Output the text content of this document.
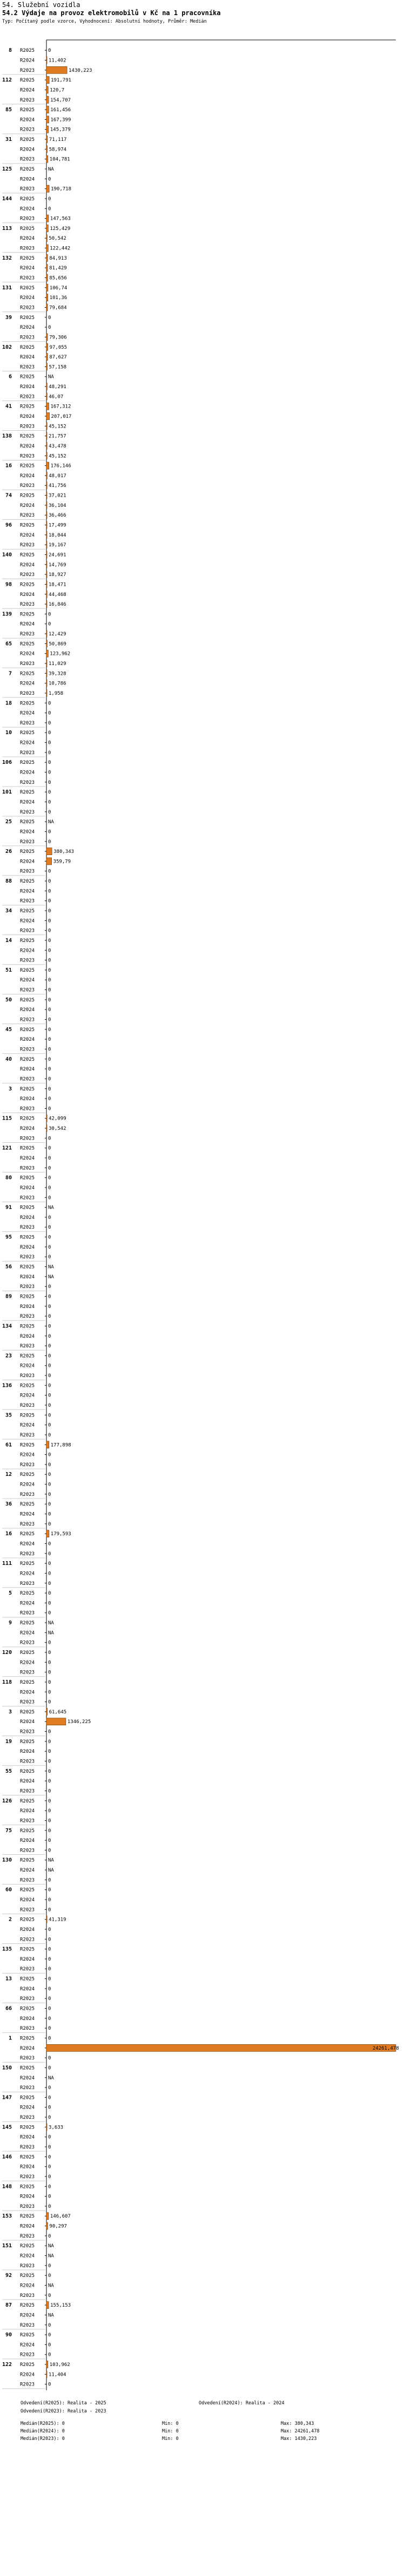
54. Služební vozidla
54.2 Výdaje na provoz elektromobilů v Kč na 1 pracovníka
Typ: Počítaný podle vzorce, Vyhodnocení: Absolutní hodnoty, Průměr: Medián
8 R2025	0
R2024	11,402
R2023	1430,223
112 R2025	191,791
R2024	120,7
R2023	154,707
85 R2025	161,456
R2024	167,399
R2023	145,379
31 R2025	71,117
R2024	58,974
R2023	104,781
125 R2025	NA
R2024	0
R2023	190,718
144 R2025	0
R2024	0
R2023	147,563
113 R2025	125,429
R2024	50,542
R2023	122,442
132 R2025	84,913
R2024	81,429
R2023	85,656
131 R2025	106,74
R2024	101,36
R2023	79,684
39 R2025	0
R2024	0
R2023	79,306
102 R2025	97,055
R2024	87,627
R2023	57,158
6 R2025	NA
R2024	48,291
R2023	46,07
41 R2025	167,312
R2024	207,017
R2023	45,152
138 R2025	21,757
R2024	43,478
R2023	45,152
16 R2025	176,146
R2024	48,017
R2023	41,756
74 R2025	37,021
R2024	36,104
R2023	36,466
96 R2025	17,499
R2024	18,044
R2023	19,167
140 R2025	24,691
R2024	14,769
R2023	18,927
98 R2025	18,471
R2024	44,468
R2023	16,846
139 R2025	0
R2024	0
R2023	12,429
65 R2025	50,869
R2024	123,962
R2023	11,029
7 R2025	39,328
R2024	10,786
R2023	1,958
18 R2025	0
R2024	0
R2023	0
10 R2025	0
R2024	0
R2023	0
106 R2025	0
R2024	0
R2023	0
101 R2025	0
R2024	0
R2023	0
25 R2025	NA
R2024	0
R2023	0
26 R2025	380,343
R2024	359,79
R2023	0
88 R2025	0
R2024	0
R2023	0
34 R2025	0
R2024	0
R2023	0
14 R2025	0
R2024	0
R2023	0
51 R2025	0
R2024	0
R2023	0
50 R2025	0
R2024	0
R2023	0
45 R2025	0
R2024	0
R2023	0
40 R2025	0
R2024	0
R2023	0
3 R2025	0
R2024	0
R2023	0
115 R2025	42,099
R2024	30,542
R2023	0
121 R2025	0
R2024	0
R2023	0
80 R2025	0
R2024	0
R2023	0
91 R2025	NA
R2024	0
R2023	0
95 R2025	0
R2024	0
R2023	0
56 R2025	NA
R2024	NA
R2023	0
89 R2025	0
R2024	0
R2023	0
134 R2025	0
R2024	0
R2023	0
23 R2025	0
R2024	0
R2023	0
136 R2025	0
R2024	0
R2023	0
35 R2025	0
R2024	0
R2023	0
61 R2025	177,898
R2024	0
R2023	0
12 R2025	0
R2024	0
R2023	0
36 R2025	0
R2024	0
R2023	0
16 R2025	179,593
R2024	0
R2023	0
111 R2025	0
R2024	0
R2023	0
5 R2025	0
R2024	0
R2023	0
9 R2025	NA
R2024	NA
R2023	0
120 R2025	0
R2024	0
R2023	0
118 R2025	0
R2024	0
R2023	0
3 R2025	61,645
R2024	1346,225
R2023	0
19 R2025	0
R2024	0
R2023	0
55 R2025	0
R2024	0
R2023	0
126 R2025	0
R2024	0
R2023	0
75 R2025	0
R2024	0
R2023	0
130 R2025	NA
R2024	NA
R2023	0
60 R2025	0
R2024	0
R2023	0
2 R2025	41,319
R2024	0
R2023	0
135 R2025	0
R2024	0
R2023	0
13 R2025	0
R2024	0
R2023	0
66 R2025	0
R2024	0
R2023	0
1 R2025	0
R2024	24261,478
R2023	0
150 R2025	0
R2024	NA
R2023	0
147 R2025	0
R2024	0
R2023	0
145 R2025	3,633
R2024	0
R2023	0
146 R2025	0
R2024	0
R2023	0
148 R2025	0
R2024	0
R2023	0
153 R2025	146,607
R2024	90,297
R2023	0
151 R2025	NA
R2024	NA
R2023	0
92 R2025	0
R2024	NA
R2023	0
87 R2025	155,153
R2024	NA
R2023	0
90 R2025	0
R2024	0
R2023	0
122 R2025	103,962
R2024	11,404
R2023	0
Odvedení(R2025): Realita - 2025	Odvedení(R2024): Realita - 2024
Odvedení(R2023): Realita - 2023
Medián(R2025): 0	Min: 0	Max: 380,343
Medián(R2024): 0	Min: 0	Max: 24261,478
Medián(R2023): 0	Min: 0	Max: 1430,223
